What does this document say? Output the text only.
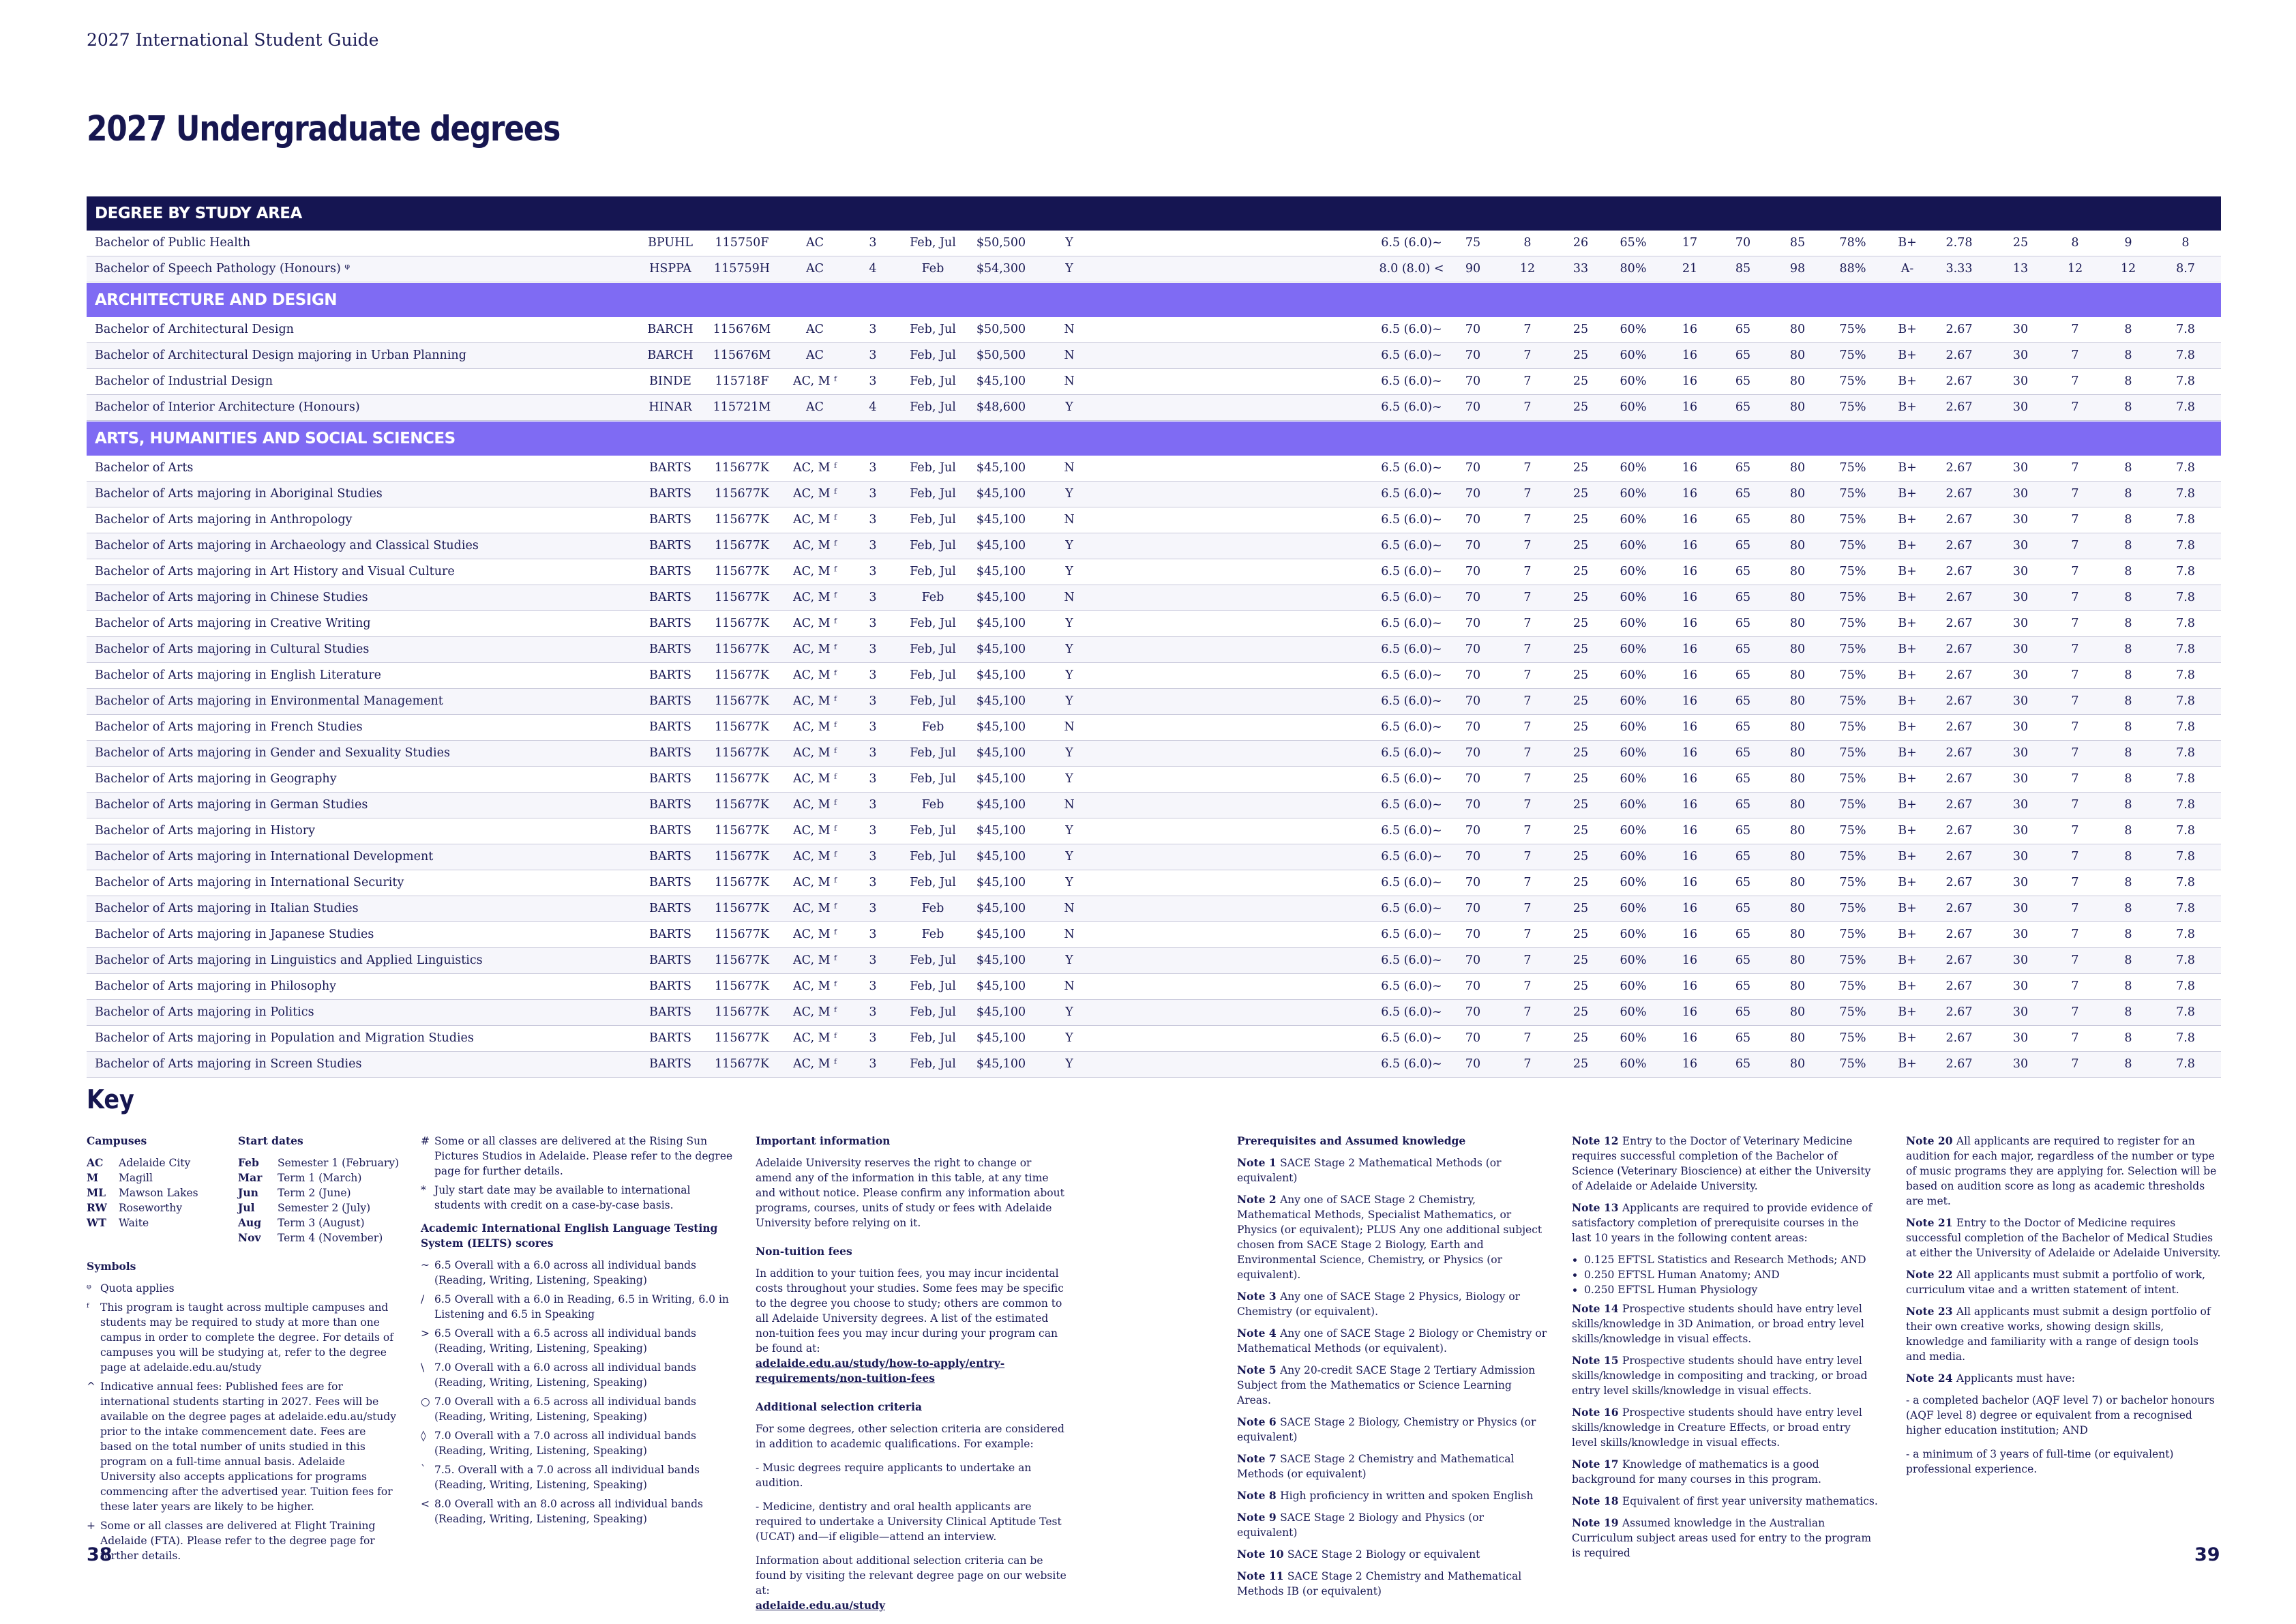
2027 International Student Guide
2027 Undergraduate degrees
DEGREE BY STUDY AREA
Bachelor of Public Health	BPUHL	115750F	AC	3	Feb, Jul	$50,500	Y	6.5 (6.0)~	75	8	26	65%	17	70	85	78%	B+	2.78	25	8	9	8
Bachelor of Speech Pathology (Honours) ᵠ	HSPPA	115759H	AC	4	Feb	$54,300	Y	8.0 (8.0) <	90	12	33	80%	21	85	98	88%	A-	3.33	13	12	12	8.7
ARCHITECTURE AND DESIGN
Bachelor of Architectural Design	BARCH	115676M	AC	3	Feb, Jul	$50,500	N	6.5 (6.0)~	70	7	25	60%	16	65	80	75%	B+	2.67	30	7	8	7.8
Bachelor of Architectural Design majoring in Urban Planning	BARCH	115676M	AC	3	Feb, Jul	$50,500	N	6.5 (6.0)~	70	7	25	60%	16	65	80	75%	B+	2.67	30	7	8	7.8
Bachelor of Industrial Design	BINDE	115718F	AC, M ᶠ	3	Feb, Jul	$45,100	N	6.5 (6.0)~	70	7	25	60%	16	65	80	75%	B+	2.67	30	7	8	7.8
Bachelor of Interior Architecture (Honours)	HINAR	115721M	AC	4	Feb, Jul	$48,600	Y	6.5 (6.0)~	70	7	25	60%	16	65	80	75%	B+	2.67	30	7	8	7.8
ARTS, HUMANITIES AND SOCIAL SCIENCES
Bachelor of Arts	BARTS	115677K	AC, M ᶠ	3	Feb, Jul	$45,100	N	6.5 (6.0)~	70	7	25	60%	16	65	80	75%	B+	2.67	30	7	8	7.8
Bachelor of Arts majoring in Aboriginal Studies	BARTS	115677K	AC, M ᶠ	3	Feb, Jul	$45,100	Y	6.5 (6.0)~	70	7	25	60%	16	65	80	75%	B+	2.67	30	7	8	7.8
Bachelor of Arts majoring in Anthropology	BARTS	115677K	AC, M ᶠ	3	Feb, Jul	$45,100	N	6.5 (6.0)~	70	7	25	60%	16	65	80	75%	B+	2.67	30	7	8	7.8
Bachelor of Arts majoring in Archaeology and Classical Studies	BARTS	115677K	AC, M ᶠ	3	Feb, Jul	$45,100	Y	6.5 (6.0)~	70	7	25	60%	16	65	80	75%	B+	2.67	30	7	8	7.8
Bachelor of Arts majoring in Art History and Visual Culture	BARTS	115677K	AC, M ᶠ	3	Feb, Jul	$45,100	Y	6.5 (6.0)~	70	7	25	60%	16	65	80	75%	B+	2.67	30	7	8	7.8
Bachelor of Arts majoring in Chinese Studies	BARTS	115677K	AC, M ᶠ	3	Feb	$45,100	N	6.5 (6.0)~	70	7	25	60%	16	65	80	75%	B+	2.67	30	7	8	7.8
Bachelor of Arts majoring in Creative Writing	BARTS	115677K	AC, M ᶠ	3	Feb, Jul	$45,100	Y	6.5 (6.0)~	70	7	25	60%	16	65	80	75%	B+	2.67	30	7	8	7.8
Bachelor of Arts majoring in Cultural Studies	BARTS	115677K	AC, M ᶠ	3	Feb, Jul	$45,100	Y	6.5 (6.0)~	70	7	25	60%	16	65	80	75%	B+	2.67	30	7	8	7.8
Bachelor of Arts majoring in English Literature	BARTS	115677K	AC, M ᶠ	3	Feb, Jul	$45,100	Y	6.5 (6.0)~	70	7	25	60%	16	65	80	75%	B+	2.67	30	7	8	7.8
Bachelor of Arts majoring in Environmental Management	BARTS	115677K	AC, M ᶠ	3	Feb, Jul	$45,100	Y	6.5 (6.0)~	70	7	25	60%	16	65	80	75%	B+	2.67	30	7	8	7.8
Bachelor of Arts majoring in French Studies	BARTS	115677K	AC, M ᶠ	3	Feb	$45,100	N	6.5 (6.0)~	70	7	25	60%	16	65	80	75%	B+	2.67	30	7	8	7.8
Bachelor of Arts majoring in Gender and Sexuality Studies	BARTS	115677K	AC, M ᶠ	3	Feb, Jul	$45,100	Y	6.5 (6.0)~	70	7	25	60%	16	65	80	75%	B+	2.67	30	7	8	7.8
Bachelor of Arts majoring in Geography	BARTS	115677K	AC, M ᶠ	3	Feb, Jul	$45,100	Y	6.5 (6.0)~	70	7	25	60%	16	65	80	75%	B+	2.67	30	7	8	7.8
Bachelor of Arts majoring in German Studies	BARTS	115677K	AC, M ᶠ	3	Feb	$45,100	N	6.5 (6.0)~	70	7	25	60%	16	65	80	75%	B+	2.67	30	7	8	7.8
Bachelor of Arts majoring in History	BARTS	115677K	AC, M ᶠ	3	Feb, Jul	$45,100	Y	6.5 (6.0)~	70	7	25	60%	16	65	80	75%	B+	2.67	30	7	8	7.8
Bachelor of Arts majoring in International Development	BARTS	115677K	AC, M ᶠ	3	Feb, Jul	$45,100	Y	6.5 (6.0)~	70	7	25	60%	16	65	80	75%	B+	2.67	30	7	8	7.8
Bachelor of Arts majoring in International Security	BARTS	115677K	AC, M ᶠ	3	Feb, Jul	$45,100	Y	6.5 (6.0)~	70	7	25	60%	16	65	80	75%	B+	2.67	30	7	8	7.8
Bachelor of Arts majoring in Italian Studies	BARTS	115677K	AC, M ᶠ	3	Feb	$45,100	N	6.5 (6.0)~	70	7	25	60%	16	65	80	75%	B+	2.67	30	7	8	7.8
Bachelor of Arts majoring in Japanese Studies	BARTS	115677K	AC, M ᶠ	3	Feb	$45,100	N	6.5 (6.0)~	70	7	25	60%	16	65	80	75%	B+	2.67	30	7	8	7.8
Bachelor of Arts majoring in Linguistics and Applied Linguistics	BARTS	115677K	AC, M ᶠ	3	Feb, Jul	$45,100	Y	6.5 (6.0)~	70	7	25	60%	16	65	80	75%	B+	2.67	30	7	8	7.8
Bachelor of Arts majoring in Philosophy	BARTS	115677K	AC, M ᶠ	3	Feb, Jul	$45,100	N	6.5 (6.0)~	70	7	25	60%	16	65	80	75%	B+	2.67	30	7	8	7.8
Bachelor of Arts majoring in Politics	BARTS	115677K	AC, M ᶠ	3	Feb, Jul	$45,100	Y	6.5 (6.0)~	70	7	25	60%	16	65	80	75%	B+	2.67	30	7	8	7.8
Bachelor of Arts majoring in Population and Migration Studies	BARTS	115677K	AC, M ᶠ	3	Feb, Jul	$45,100	Y	6.5 (6.0)~	70	7	25	60%	16	65	80	75%	B+	2.67	30	7	8	7.8
Bachelor of Arts majoring in Screen Studies	BARTS	115677K	AC, M ᶠ	3	Feb, Jul	$45,100	Y	6.5 (6.0)~	70	7	25	60%	16	65	80	75%	B+	2.67	30	7	8	7.8
Key
Campuses
AC	Adelaide City
M	Magill
ML	Mawson Lakes
RW	Roseworthy
WT	Waite
Start dates
Feb	Semester 1 (February)
Mar	Term 1 (March)
Jun	Term 2 (June)
Jul	Semester 2 (July)
Aug	Term 3 (August)
Nov	Term 4 (November)
Symbols
ᵠ Quota applies
ᶠ	This program is taught across multiple campuses and students may be required to study at more than one campus in order to complete the degree. For details of campuses you will be studying at, refer to the degree page at adelaide.edu.au/study
^ Indicative annual fees: Published fees are for international students starting in 2027. Fees will be available on the degree pages at adelaide.edu.au/study prior to the intake commencement date. Fees are based on the total number of units studied in this program on a full-time annual basis. Adelaide University also accepts applications for programs commencing after the advertised year. Tuition fees for these later years are likely to be higher.
+ Some or all classes are delivered at Flight Training Adelaide (FTA). Please refer to the degree page for further details.
# Some or all classes are delivered at the Rising Sun Pictures Studios in Adelaide. Please refer to the degree page for further details.
* July start date may be available to international students with credit on a case-by-case basis.
Academic International English Language Testing System (IELTS) scores
~ 6.5 Overall with a 6.0 across all individual bands (Reading, Writing, Listening, Speaking)
/ 6.5 Overall with a 6.0 in Reading, 6.5 in Writing, 6.0 in Listening and 6.5 in Speaking
> 6.5 Overall with a 6.5 across all individual bands (Reading, Writing, Listening, Speaking)
\ 7.0 Overall with a 6.0 across all individual bands (Reading, Writing, Listening, Speaking)
○ 7.0 Overall with a 6.5 across all individual bands (Reading, Writing, Listening, Speaking)
◊ 7.0 Overall with a 7.0 across all individual bands (Reading, Writing, Listening, Speaking)
` 7.5. Overall with a 7.0 across all individual bands (Reading, Writing, Listening, Speaking)
< 8.0 Overall with an 8.0 across all individual bands (Reading, Writing, Listening, Speaking)
Important information
Adelaide University reserves the right to change or amend any of the information in this table, at any time and without notice. Please confirm any information about programs, courses, units of study or fees with Adelaide University before relying on it.
Non-tuition fees
In addition to your tuition fees, you may incur incidental costs throughout your studies. Some fees may be specific to the degree you choose to study; others are common to all Adelaide University degrees. A list of the estimated non-tuition fees you may incur during your program can be found at:
adelaide.edu.au/study/how-to-apply/entry-requirements/non-tuition-fees
Additional selection criteria
For some degrees, other selection criteria are considered in addition to academic qualifications. For example:
- Music degrees require applicants to undertake an audition.
- Medicine, dentistry and oral health applicants are required to undertake a University Clinical Aptitude Test (UCAT) and—if eligible—attend an interview.
Information about additional selection criteria can be found by visiting the relevant degree page on our website at:
adelaide.edu.au/study
Prerequisites and Assumed knowledge
Note 1 SACE Stage 2 Mathematical Methods (or equivalent)
Note 2 Any one of SACE Stage 2 Chemistry, Mathematical Methods, Specialist Mathematics, or Physics (or equivalent); PLUS Any one additional subject chosen from SACE Stage 2 Biology, Earth and Environmental Science, Chemistry, or Physics (or equivalent).
Note 3 Any one of SACE Stage 2 Physics, Biology or Chemistry (or equivalent).
Note 4 Any one of SACE Stage 2 Biology or Chemistry or Mathematical Methods (or equivalent).
Note 5 Any 20-credit SACE Stage 2 Tertiary Admission Subject from the Mathematics or Science Learning Areas.
Note 6 SACE Stage 2 Biology, Chemistry or Physics (or equivalent)
Note 7 SACE Stage 2 Chemistry and Mathematical Methods (or equivalent)
Note 8 High proficiency in written and spoken English
Note 9 SACE Stage 2 Biology and Physics (or equivalent)
Note 10 SACE Stage 2 Biology or equivalent
Note 11 SACE Stage 2 Chemistry and Mathematical Methods IB (or equivalent)
Note 12 Entry to the Doctor of Veterinary Medicine requires successful completion of the Bachelor of Science (Veterinary Bioscience) at either the University of Adelaide or Adelaide University.
Note 13 Applicants are required to provide evidence of satisfactory completion of prerequisite courses in the last 10 years in the following content areas:
• 0.125 EFTSL Statistics and Research Methods; AND
• 0.250 EFTSL Human Anatomy; AND
• 0.250 EFTSL Human Physiology
Note 14 Prospective students should have entry level skills/knowledge in 3D Animation, or broad entry level skills/knowledge in visual effects.
Note 15 Prospective students should have entry level skills/knowledge in compositing and tracking, or broad entry level skills/knowledge in visual effects.
Note 16 Prospective students should have entry level skills/knowledge in Creature Effects, or broad entry level skills/knowledge in visual effects.
Note 17 Knowledge of mathematics is a good background for many courses in this program.
Note 18 Equivalent of first year university mathematics.
Note 19 Assumed knowledge in the Australian Curriculum subject areas used for entry to the program is required
Note 20 All applicants are required to register for an audition for each major, regardless of the number or type of music programs they are applying for. Selection will be based on audition score as long as academic thresholds are met.
Note 21 Entry to the Doctor of Medicine requires successful completion of the Bachelor of Medical Studies at either the University of Adelaide or Adelaide University.
Note 22 All applicants must submit a portfolio of work, curriculum vitae and a written statement of intent.
Note 23 All applicants must submit a design portfolio of their own creative works, showing design skills, knowledge and familiarity with a range of design tools and media.
Note 24 Applicants must have:
- a completed bachelor (AQF level 7) or bachelor honours (AQF level 8) degree or equivalent from a recognised higher education institution; AND
- a minimum of 3 years of full-time (or equivalent) professional experience.
38	39
